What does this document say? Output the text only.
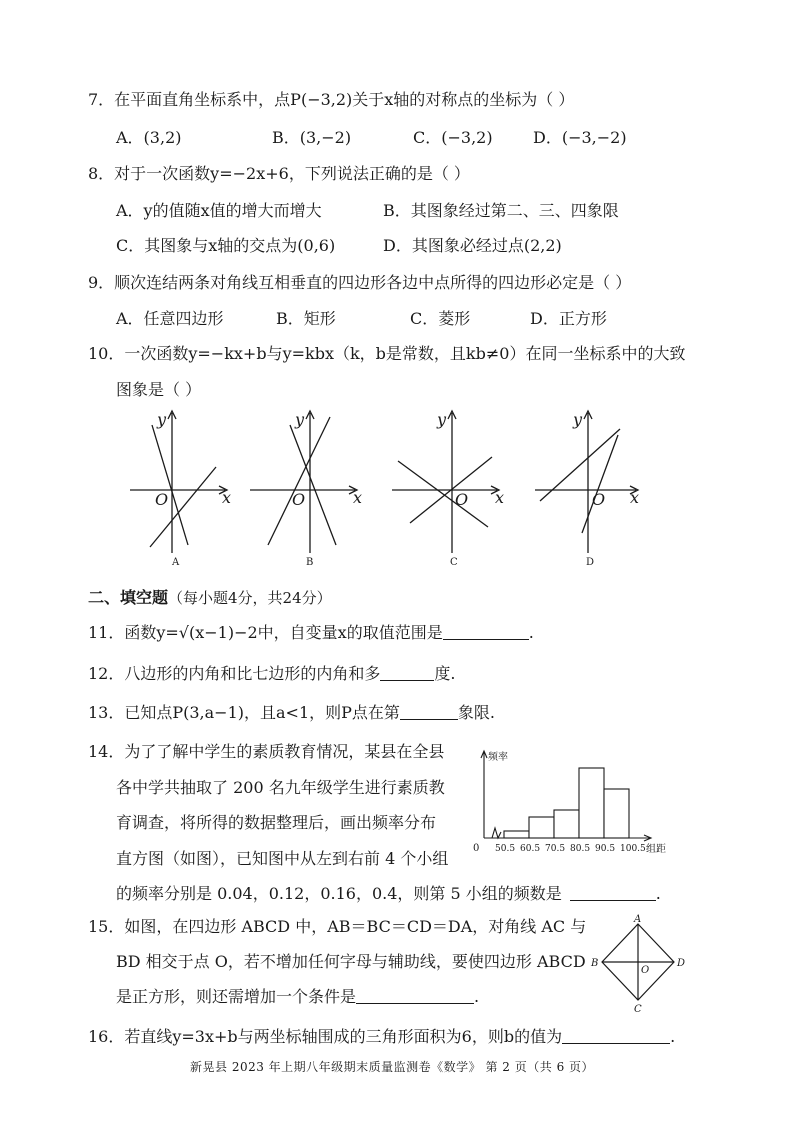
7．在平面直角坐标系中，点P(−3,2)关于x轴的对称点的坐标为（ ）
A．(3,2)	B．(3,−2)	C．(−3,2)	D．(−3,−2)
8．对于一次函数y=−2x+6，下列说法正确的是（ ）
A．y的值随x值的增大而增大	B．其图象经过第二、三、四象限
C．其图象与x轴的交点为(0,6)	D．其图象必经过点(2,2)
9．顺次连结两条对角线互相垂直的四边形各边中点所得的四边形必定是（ ）
A．任意四边形	B．矩形	C．菱形	D．正方形
10．一次函数y=−kx+b与y=kbx（k，b是常数，且kb≠0）在同一坐标系中的大致
图象是（ ）
y
x
O
y
x
O
y
x
O
y
x
O
A	B	C	D
二、填空题（每小题4分，共24分）
11．函数y=√(x−1)−2中，自变量x的取值范围是	.
12．八边形的内角和比七边形的内角和多	度.
13．已知点P(3,a−1)，且a<1，则P点在第	象限.
14．为了了解中学生的素质教育情况，某县在全县
各中学共抽取了 200 名九年级学生进行素质教
育调查，将所得的数据整理后，画出频率分布
直方图（如图），已知图中从左到右前 4 个小组
的频率分别是 0.04，0.12，0.16，0.4，则第 5 小组的频数是	.
频率
0	组距
50.5 60.5 70.5 80.5 90.5 100.5
15．如图，在四边形 ABCD 中，AB＝BC＝CD＝DA，对角线 AC 与
BD 相交于点 O，若不增加任何字母与辅助线，要使四边形 ABCD
是正方形，则还需增加一个条件是	.
A
B
C
D
O
16．若直线y=3x+b与两坐标轴围成的三角形面积为6，则b的值为	.
新晃县 2023 年上期八年级期末质量监测卷《数学》 第 2 页（共 6 页）
